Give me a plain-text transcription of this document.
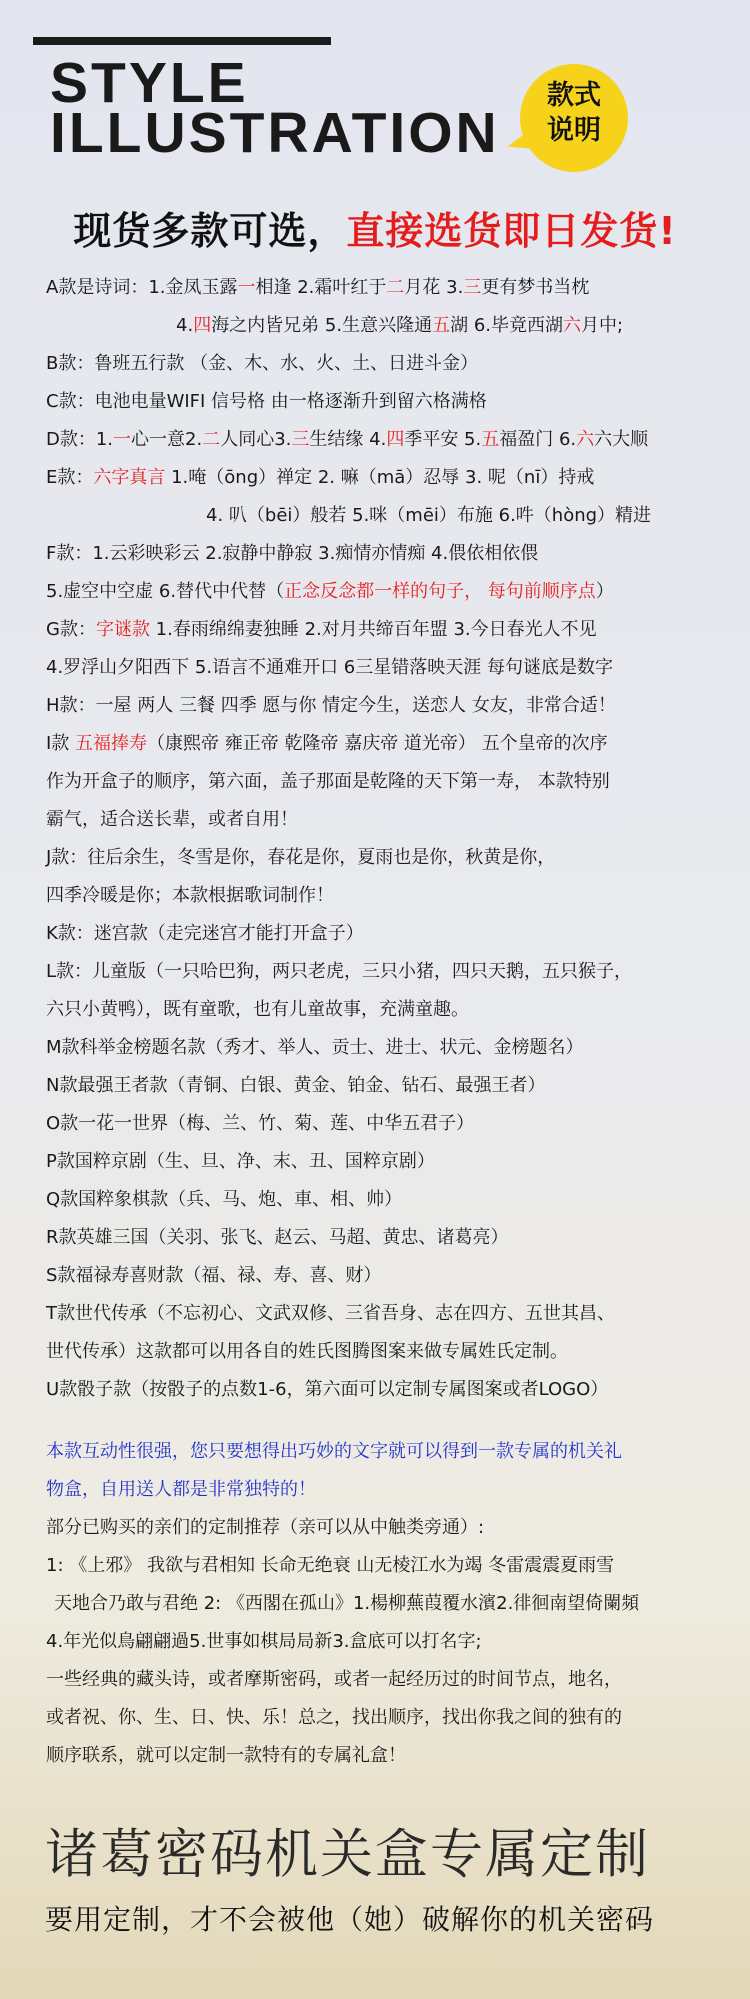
STYLE
ILLUSTRATION
款式
说明
现货多款可选，直接选货即日发货!
A款是诗词：1.金凤玉露一相逢 2.霜叶红于二月花 3.三更有梦书当枕
4.四海之内皆兄弟 5.生意兴隆通五湖 6.毕竟西湖六月中;
B款：鲁班五行款 （金、木、水、火、土、日进斗金）
C款：电池电量WIFI 信号格 由一格逐渐升到留六格满格
D款：1.一心一意2.二人同心3.三生结缘 4.四季平安 5.五福盈门 6.六六大顺
E款：六字真言 1.唵（ōng）禅定 2. 嘛（mā）忍辱 3. 呢（nī）持戒
4. 叭（bēi）般若 5.咪（mēi）布施 6.吽（hòng）精进
F款：1.云彩映彩云 2.寂静中静寂 3.痴情亦情痴 4.偎依相依偎
5.虚空中空虚 6.替代中代替（正念反念都一样的句子， 每句前顺序点）
G款：字谜款 1.春雨绵绵妻独睡 2.对月共缔百年盟 3.今日春光人不见
4.罗浮山夕阳西下 5.语言不通难开口 6三星错落映天涯 每句谜底是数字
H款：一屋 两人 三餐 四季 愿与你 情定今生，送恋人 女友，非常合适！
I款 五福捧寿（康熙帝 雍正帝 乾隆帝 嘉庆帝 道光帝） 五个皇帝的次序
作为开盒子的顺序，第六面，盖子那面是乾隆的天下第一寿， 本款特别
霸气，适合送长辈，或者自用！
J款：往后余生，冬雪是你，春花是你，夏雨也是你，秋黄是你，
四季冷暖是你；本款根据歌词制作！
K款：迷宫款（走完迷宫才能打开盒子）
L款：儿童版（一只哈巴狗，两只老虎，三只小猪，四只天鹅，五只猴子，
六只小黄鸭），既有童歌，也有儿童故事，充满童趣。
M款科举金榜题名款（秀才、举人、贡士、进士、状元、金榜题名）
N款最强王者款（青铜、白银、黄金、铂金、钻石、最强王者）
O款一花一世界（梅、兰、竹、菊、莲、中华五君子）
P款国粹京剧（生、旦、净、末、丑、国粹京剧）
Q款国粹象棋款（兵、马、炮、車、相、帅）
R款英雄三国（关羽、张飞、赵云、马超、黄忠、诸葛亮）
S款福禄寿喜财款（福、禄、寿、喜、财）
T款世代传承（不忘初心、文武双修、三省吾身、志在四方、五世其昌、
世代传承）这款都可以用各自的姓氏图腾图案来做专属姓氏定制。
U款骰子款（按骰子的点数1-6，第六面可以定制专属图案或者LOGO）
本款互动性很强，您只要想得出巧妙的文字就可以得到一款专属的机关礼
物盒，自用送人都是非常独特的！
部分已购买的亲们的定制推荐（亲可以从中触类旁通）:
1: 《上邪》 我欲与君相知 长命无绝衰 山无棱江水为竭 冬雷震震夏雨雪
天地合乃敢与君绝 2: 《西閣在孤山》1.楊柳蕪葭覆水濱2.徘徊南望倚闌頻
4.年光似鳥翩翩過5.世事如棋局局新3.盒底可以打名字;
一些经典的藏头诗，或者摩斯密码，或者一起经历过的时间节点，地名，
或者祝、你、生、日、快、乐！总之，找出顺序，找出你我之间的独有的
顺序联系，就可以定制一款特有的专属礼盒！
诸葛密码机关盒专属定制
要用定制，才不会被他（她）破解你的机关密码
